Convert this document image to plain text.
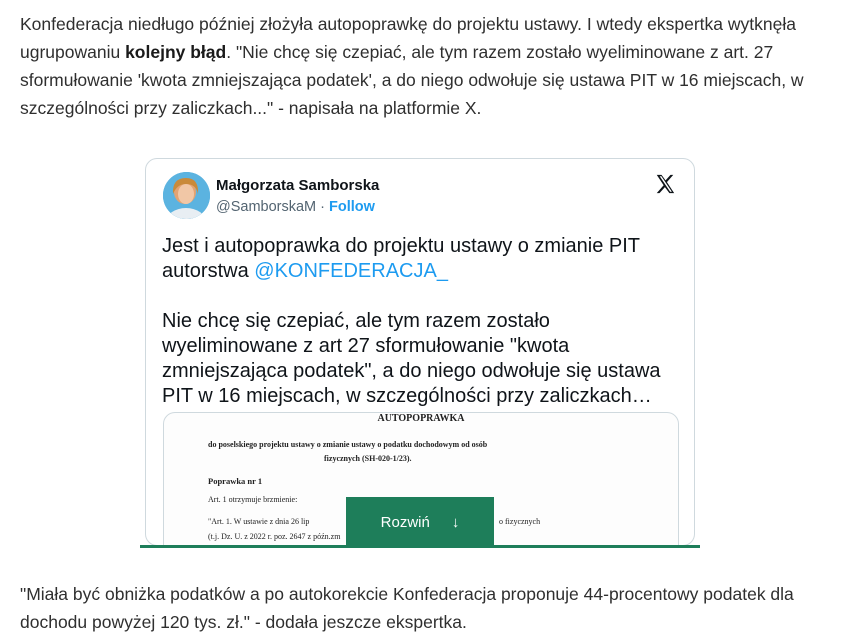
Konfederacja niedługo później złożyła autopoprawkę do projektu ustawy. I wtedy ekspertka wytknęła ugrupowaniu kolejny błąd. "Nie chcę się czepiać, ale tym razem zostało wyeliminowane z art. 27 sformułowanie 'kwota zmniejszająca podatek', a do niego odwołuje się ustawa PIT w 16 miejscach, w szczególności przy zaliczkach..." - napisała na platformie X.

Małgorzata Samborska
@SamborskaM · Follow
Jest i autopoprawka do projektu ustawy o zmianie PIT autorstwa @KONFEDERACJA_

Nie chcę się czepiać, ale tym razem zostało wyeliminowane z art 27 sformułowanie "kwota zmniejszająca podatek", a do niego odwołuje się ustawa PIT w 16 miejscach, w szczególności przy zaliczkach…
AUTOPOPRAWKA
do poselskiego projektu ustawy o zmianie ustawy o podatku dochodowym od osób
fizycznych (SH-020-1/23).
Poprawka nr 1
Art. 1 otrzymuje brzmienie:
"Art. 1. W ustawie z dnia 26 lip	o fizycznych
(t.j. Dz. U. z 2022 r. poz. 2647 z późn.zm
Rozwiń ↓

"Miała być obniżka podatków a po autokorekcie Konfederacja proponuje 44-procentowy podatek dla dochodu powyżej 120 tys. zł." - dodała jeszcze ekspertka.
